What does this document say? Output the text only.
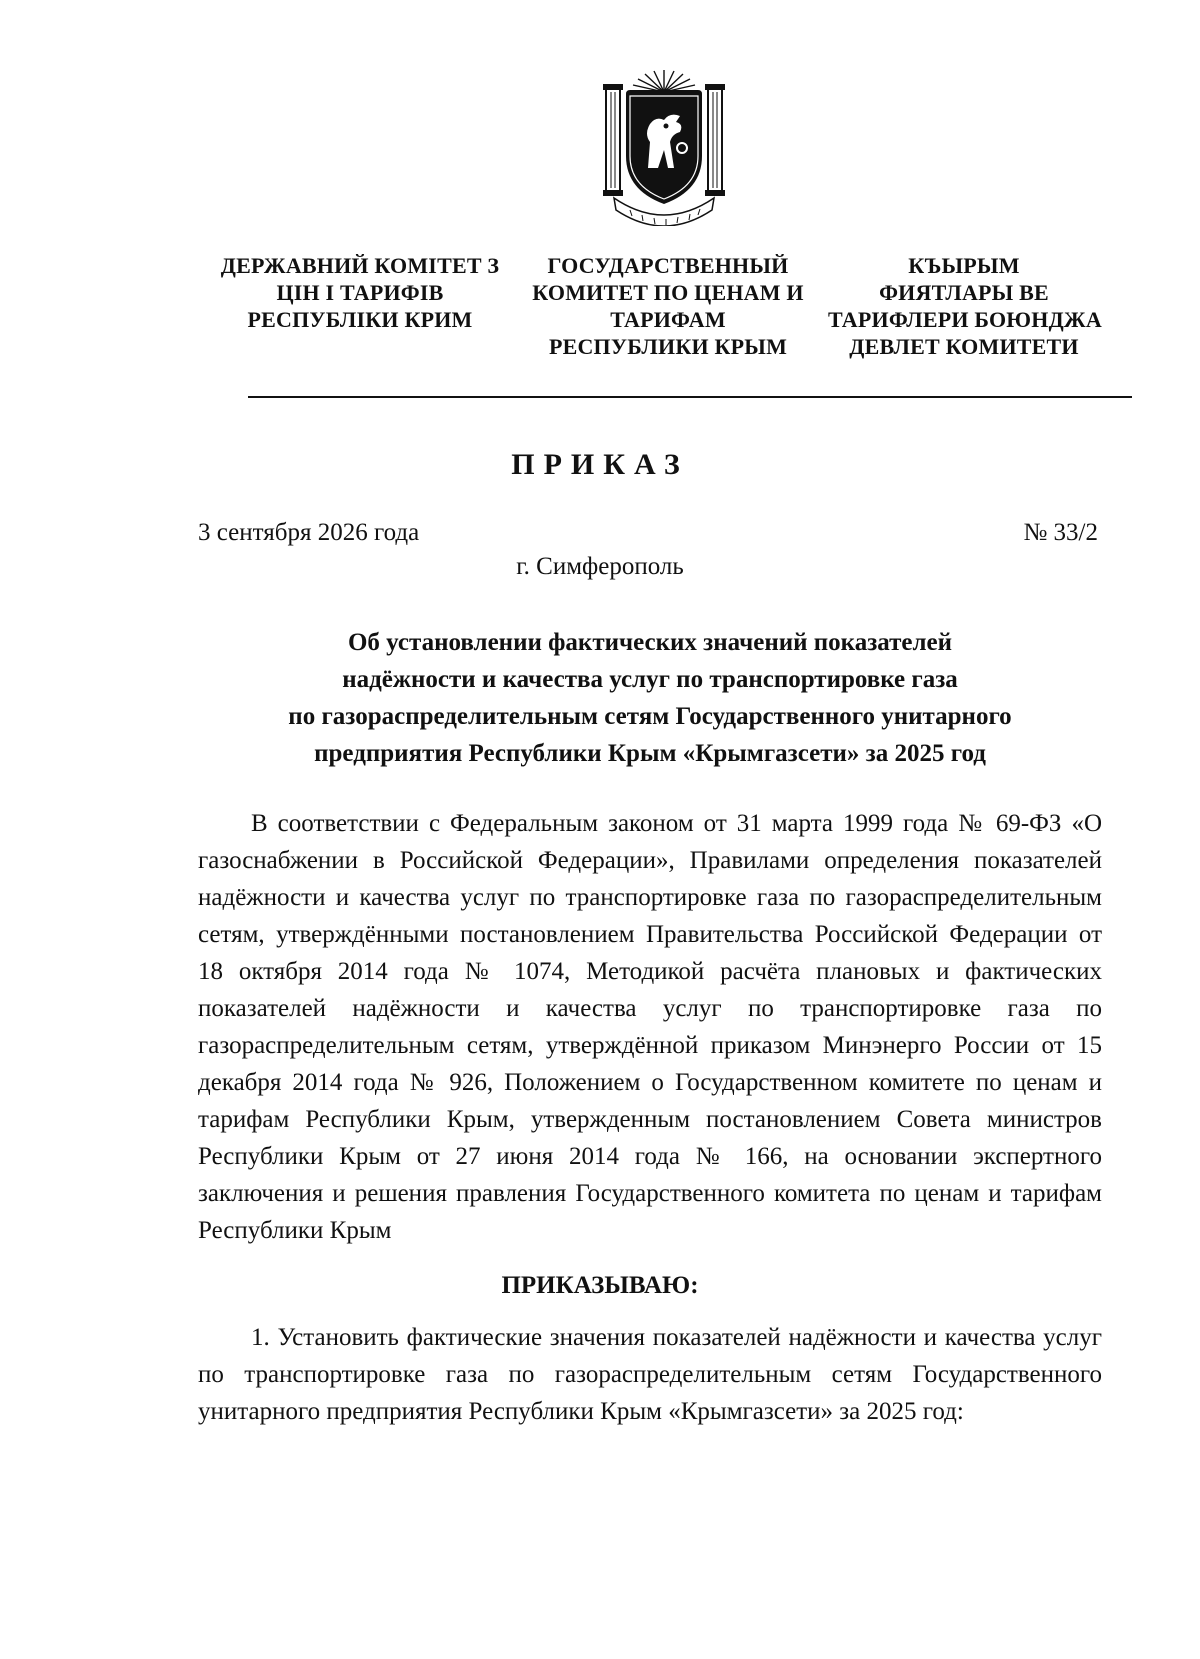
ДЕРЖАВНИЙ КОМІТЕТ З
ЦІН І ТАРИФІВ
РЕСПУБЛІКИ КРИМ
ГОСУДАРСТВЕННЫЙ
КОМИТЕТ ПО ЦЕНАМ И
ТАРИФАМ
РЕСПУБЛИКИ КРЫМ
КЪЫРЫМ
ФИЯТЛАРЫ ВЕ
ТАРИФЛЕРИ БОЮНДЖА
ДЕВЛЕТ КОМИТЕТИ
ПРИКАЗ
3 сентября 2026 года	№ 33/2
г. Симферополь
Об установлении фактических значений показателей
надёжности и качества услуг по транспортировке газа
по газораспределительным сетям Государственного унитарного
предприятия Республики Крым «Крымгазсети» за 2025 год
В соответствии с Федеральным законом от 31 марта 1999 года № 69-ФЗ «О газоснабжении в Российской Федерации», Правилами определения показателей надёжности и качества услуг по транспортировке газа по газораспределительным сетям, утверждёнными постановлением Правительства Российской Федерации от 18 октября 2014 года № 1074, Методикой расчёта плановых и фактических показателей надёжности и качества услуг по транспортировке газа по газораспределительным сетям, утверждённой приказом Минэнерго России от 15 декабря 2014 года № 926, Положением о Государственном комитете по ценам и тарифам Республики Крым, утвержденным постановлением Совета министров Республики Крым от 27 июня 2014 года № 166, на основании экспертного заключения и решения правления Государственного комитета по ценам и тарифам Республики Крым
ПРИКАЗЫВАЮ:
1. Установить фактические значения показателей надёжности и качества услуг по транспортировке газа по газораспределительным сетям Государственного унитарного предприятия Республики Крым «Крымгазсети» за 2025 год:
